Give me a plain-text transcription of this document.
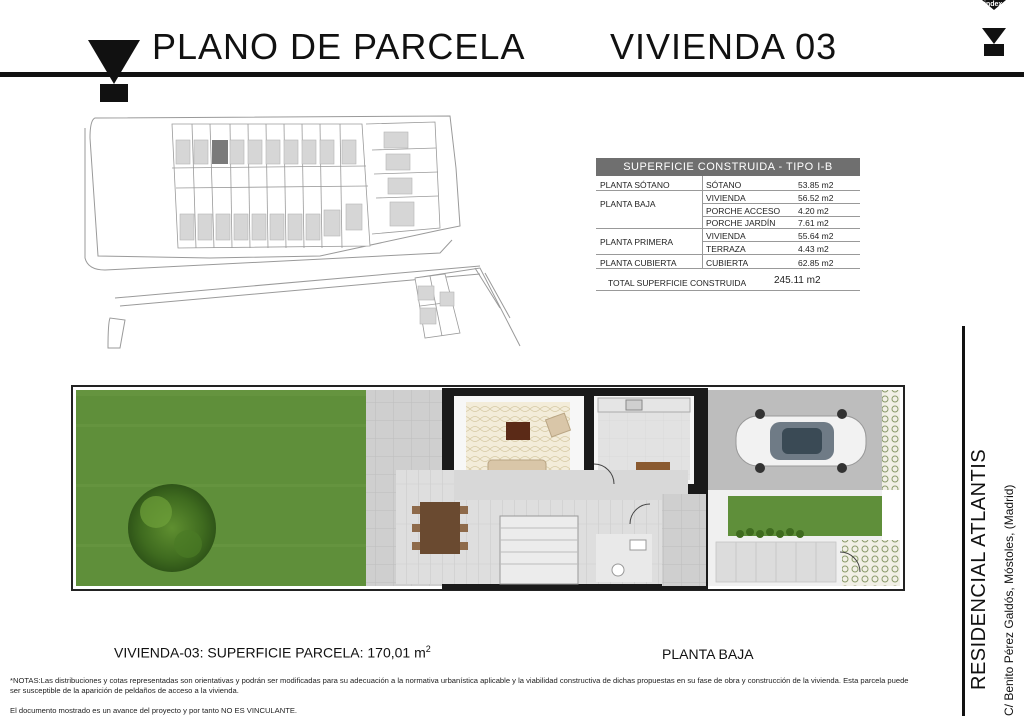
PLANO DE PARCELA VIVIENDA 03
index
SUPERFICIE CONSTRUIDA - TIPO I-B
PLANTA SÓTANO	SÓTANO	53.85 m2
PLANTA BAJA
VIVIENDA	56.52 m2
PORCHE ACCESO 4.20 m2
PORCHE JARDÍN	7.61 m2
PLANTA PRIMERA
VIVIENDA	55.64 m2
TERRAZA	4.43 m2
PLANTA CUBIERTA	CUBIERTA	62.85 m2
TOTAL SUPERFICIE CONSTRUIDA	245.11 m2
RESIDENCIAL ATLANTIS C/ Benito Pérez Galdós, Móstoles, (Madrid)
VIVIENDA-03: SUPERFICIE PARCELA: 170,01 $m^2$	PLANTA BAJA
*NOTAS:Las distribuciones y cotas representadas son orientativas y podrán ser modificadas para su adecuación a la normativa urbanística aplicable y la viabilidad constructiva de dichas propuestas en su fase de obra y construcción de la vivienda. Esta parcela puede ser susceptible de la aparición de peldaños de acceso a la vivienda.
El documento mostrado es un avance del proyecto y por tanto NO ES VINCULANTE.
